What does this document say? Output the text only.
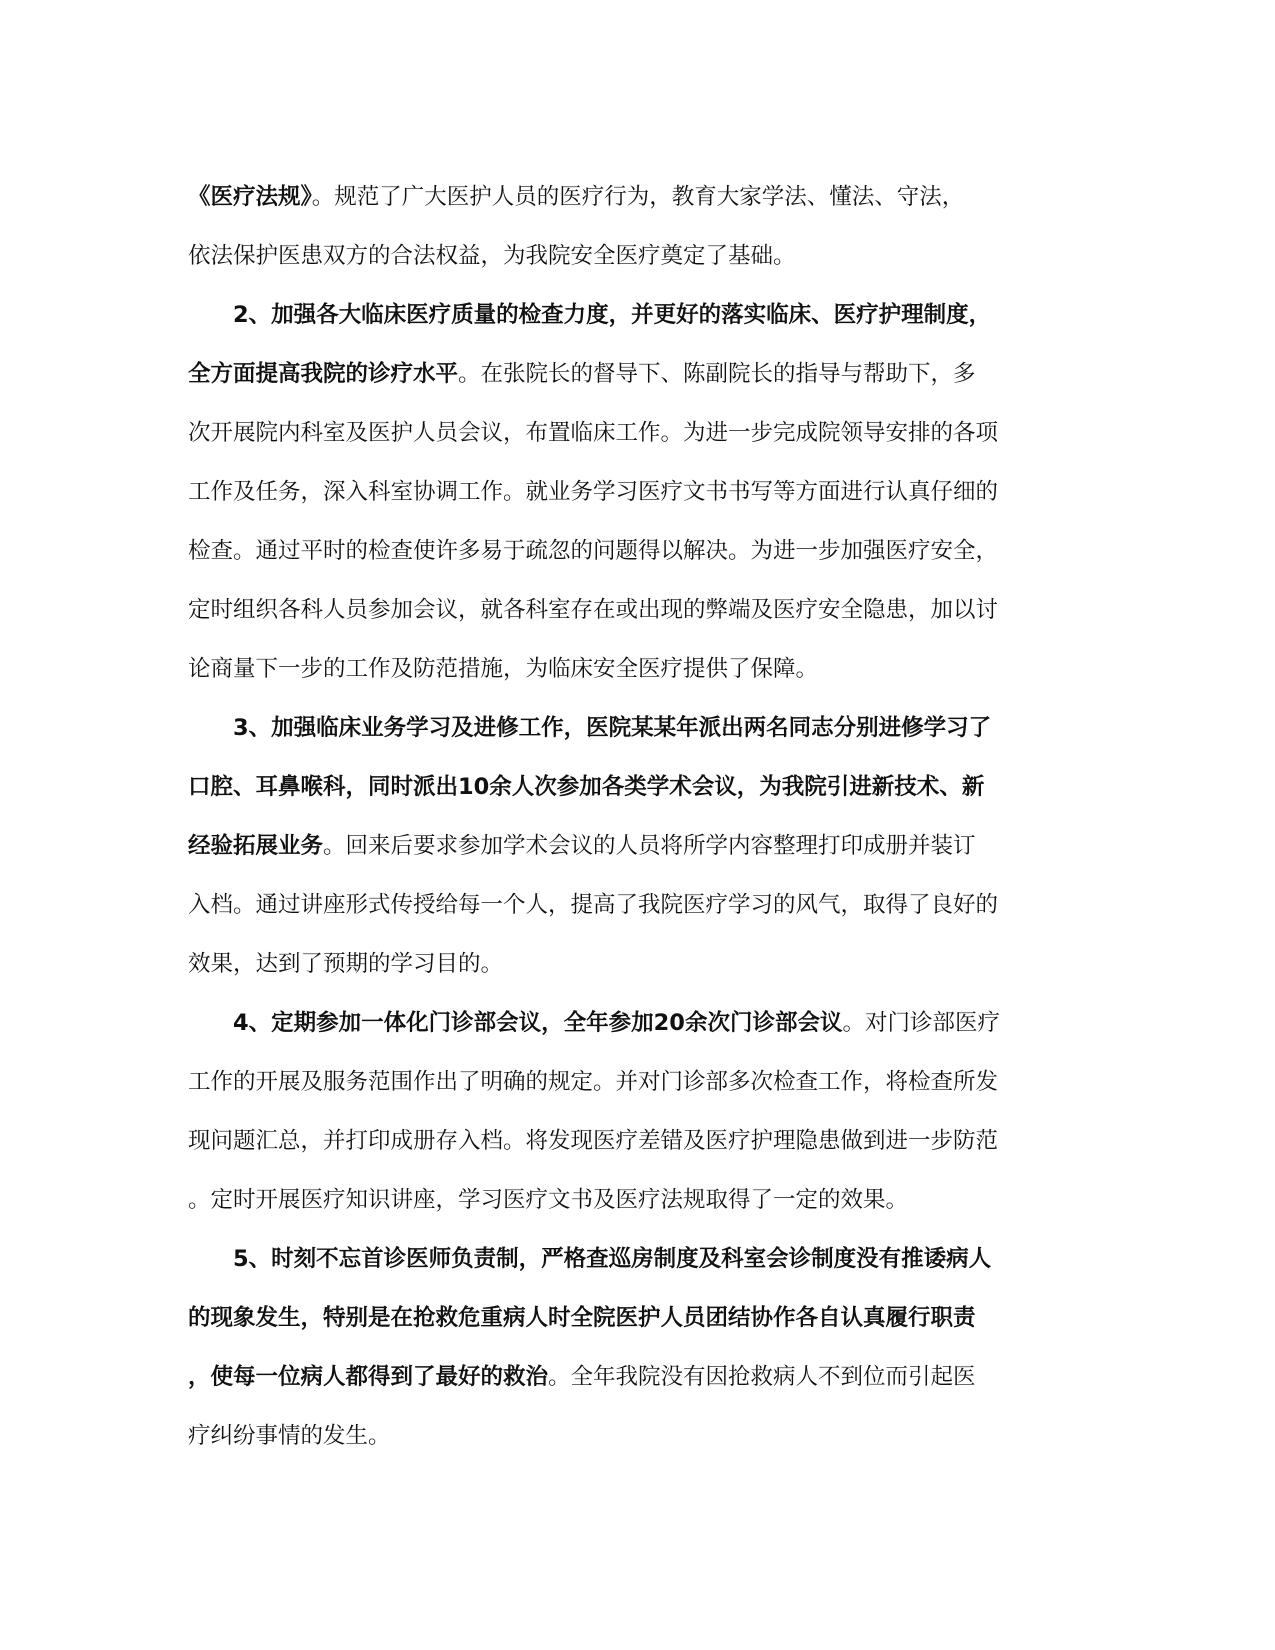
《医疗法规》。规范了广大医护人员的医疗行为，教育大家学法、懂法、守法，
依法保护医患双方的合法权益，为我院安全医疗奠定了基础。
2、加强各大临床医疗质量的检查力度，并更好的落实临床、医疗护理制度，
全方面提高我院的诊疗水平。在张院长的督导下、陈副院长的指导与帮助下，多
次开展院内科室及医护人员会议，布置临床工作。为进一步完成院领导安排的各项
工作及任务，深入科室协调工作。就业务学习医疗文书书写等方面进行认真仔细的
检查。通过平时的检查使许多易于疏忽的问题得以解决。为进一步加强医疗安全，
定时组织各科人员参加会议，就各科室存在或出现的弊端及医疗安全隐患，加以讨
论商量下一步的工作及防范措施，为临床安全医疗提供了保障。
3、加强临床业务学习及进修工作，医院某某年派出两名同志分别进修学习了
口腔、耳鼻喉科，同时派出10余人次参加各类学术会议，为我院引进新技术、新
经验拓展业务。回来后要求参加学术会议的人员将所学内容整理打印成册并装订
入档。通过讲座形式传授给每一个人，提高了我院医疗学习的风气，取得了良好的
效果，达到了预期的学习目的。
4、定期参加一体化门诊部会议，全年参加20余次门诊部会议。对门诊部医疗
工作的开展及服务范围作出了明确的规定。并对门诊部多次检查工作，将检查所发
现问题汇总，并打印成册存入档。将发现医疗差错及医疗护理隐患做到进一步防范
。定时开展医疗知识讲座，学习医疗文书及医疗法规取得了一定的效果。
5、时刻不忘首诊医师负责制，严格查巡房制度及科室会诊制度没有推诿病人
的现象发生，特别是在抢救危重病人时全院医护人员团结协作各自认真履行职责
，使每一位病人都得到了最好的救治。全年我院没有因抢救病人不到位而引起医
疗纠纷事情的发生。
